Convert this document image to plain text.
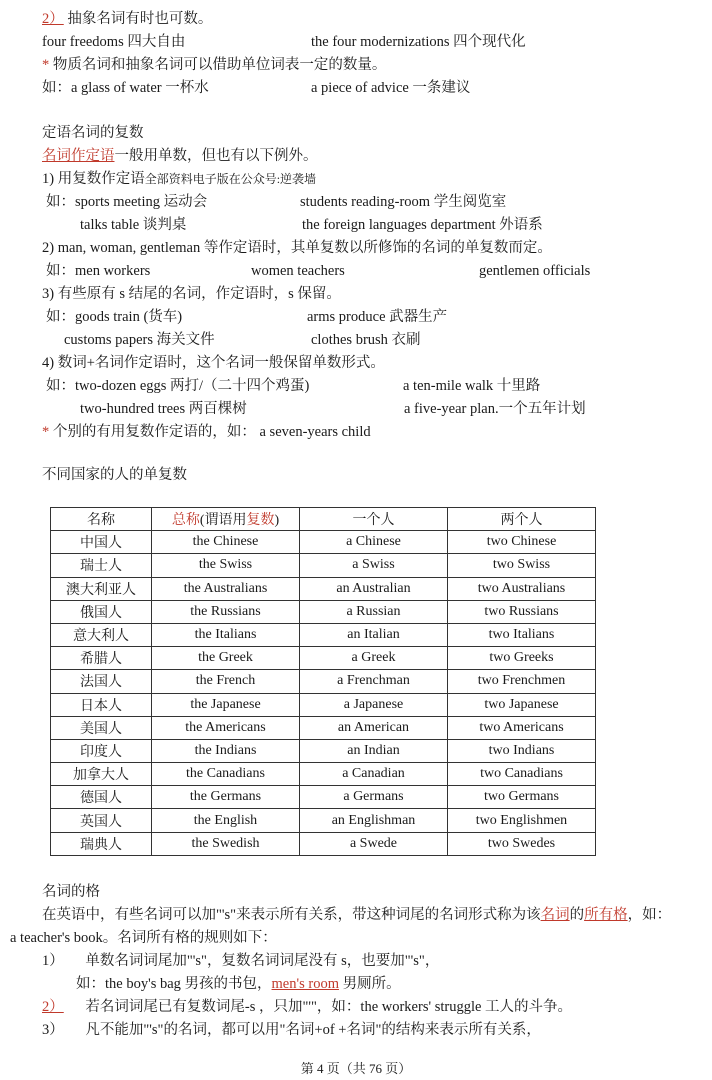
2） 抽象名词有时也可数。
four freedoms 四大自由	the four modernizations 四个现代化
* 物质名词和抽象名词可以借助单位词表一定的数量。
如：a glass of water 一杯水	a piece of advice 一条建议
定语名词的复数
名词作定语一般用单数，但也有以下例外。
1) 用复数作定语全部资料电子版在公众号:逆袭墙
如：sports meeting 运动会	students reading-room 学生阅览室
talks table 谈判桌	the foreign languages department 外语系
2) man, woman, gentleman 等作定语时，其单复数以所修饰的名词的单复数而定。
如：men workers	women teachers	gentlemen officials
3) 有些原有 s 结尾的名词，作定语时，s 保留。
如：goods train (货车)	arms produce 武器生产
customs papers 海关文件	clothes brush 衣刷
4) 数词+名词作定语时，这个名词一般保留单数形式。
如：two-dozen eggs 两打/（二十四个鸡蛋)	a ten-mile walk 十里路
two-hundred trees 两百棵树	a five-year plan.一个五年计划
* 个别的有用复数作定语的，如： a seven-years child
不同国家的人的单复数
名称	总称(谓语用复数)	一个人	两个人
中国人	the Chinese	a Chinese	two Chinese
瑞士人	the Swiss	a Swiss	two Swiss
澳大利亚人	the Australians	an Australian	two Australians
俄国人	the Russians	a Russian	two Russians
意大利人	the Italians	an Italian	two Italians
希腊人	the Greek	a Greek	two Greeks
法国人	the French	a Frenchman	two Frenchmen
日本人	the Japanese	a Japanese	two Japanese
美国人	the Americans	an American	two Americans
印度人	the Indians	an Indian	two Indians
加拿大人	the Canadians	a Canadian	two Canadians
德国人	the Germans	a Germans	two Germans
英国人	the English	an Englishman	two Englishmen
瑞典人	the Swedish	a Swede	two Swedes
名词的格
在英语中，有些名词可以加"'s"来表示所有关系，带这种词尾的名词形式称为该名词的所有格，如：
a teacher's book。名词所有格的规则如下：
1） 单数名词词尾加"'s"，复数名词词尾没有 s，也要加"'s"，
如：the boy's bag 男孩的书包，men's room 男厕所。
2） 若名词词尾已有复数词尾-s ，只加"'"，如：the workers' struggle 工人的斗争。
3） 凡不能加"'s"的名词，都可以用"名词+of +名词"的结构来表示所有关系，
第 4 页（共 76 页）
